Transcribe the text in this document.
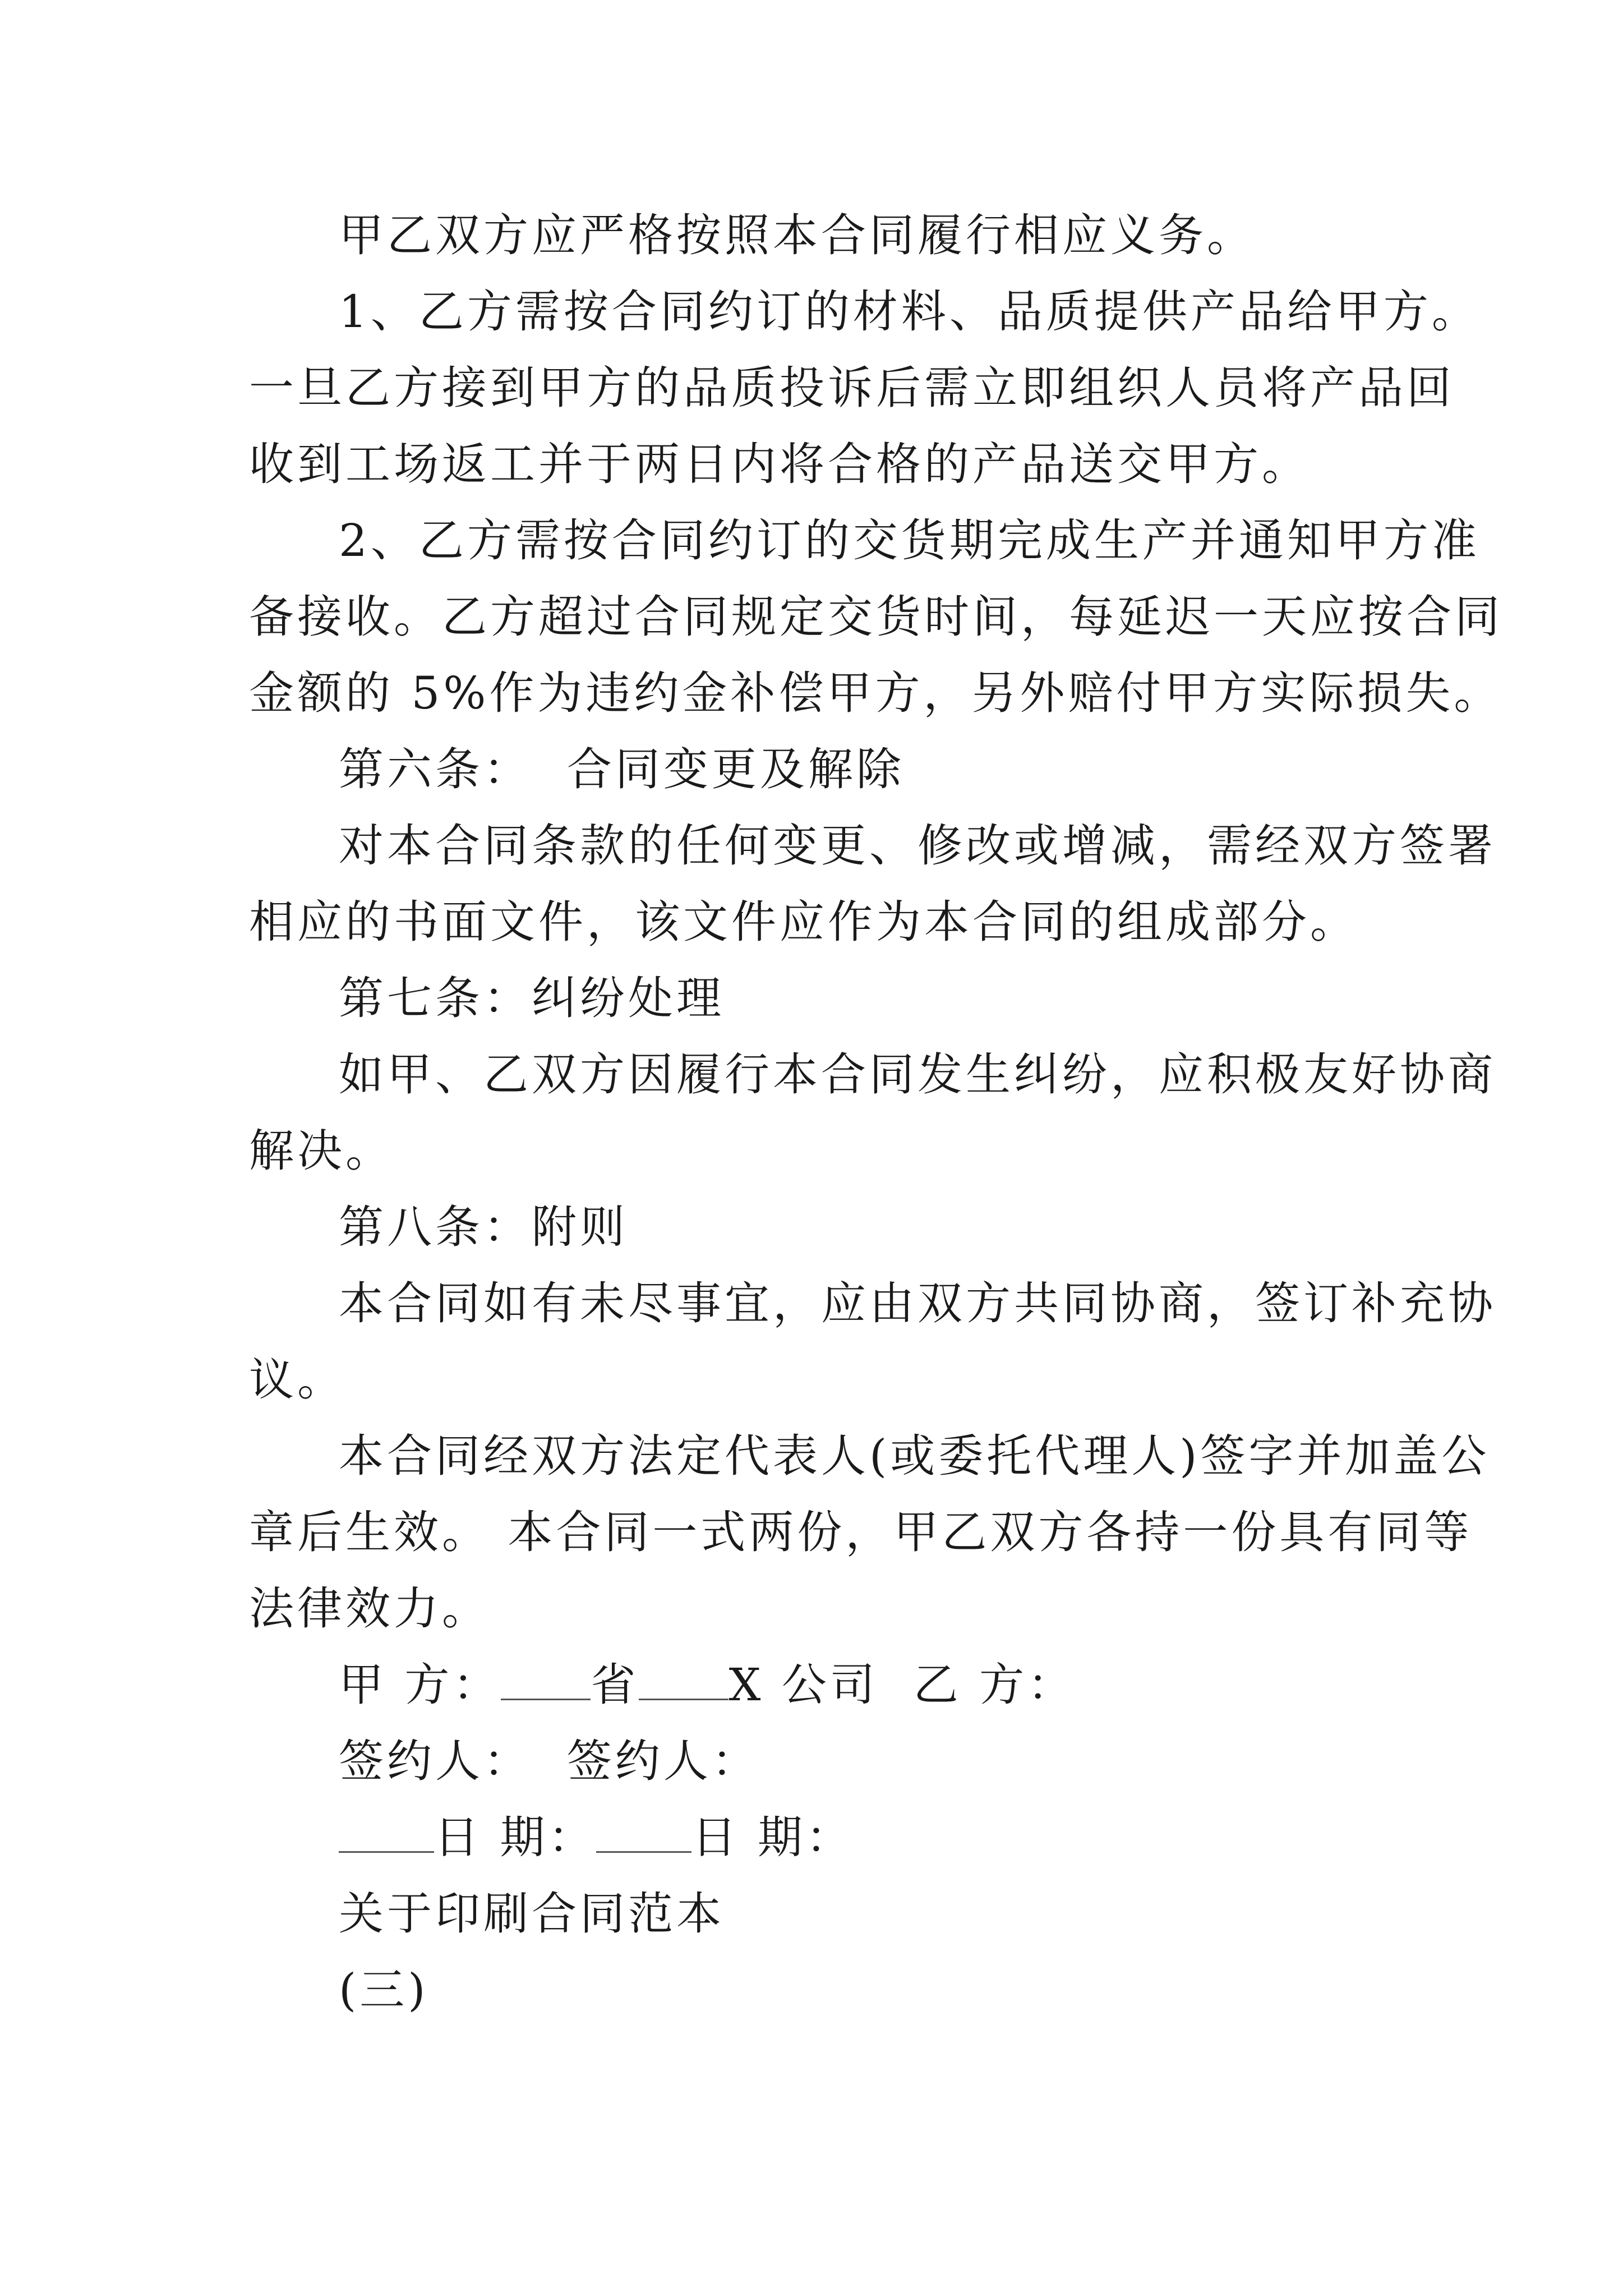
甲乙双方应严格按照本合同履行相应义务。
1、乙方需按合同约订的材料、品质提供产品给甲方。
一旦乙方接到甲方的品质投诉后需立即组织人员将产品回
收到工场返工并于两日内将合格的产品送交甲方。
2、乙方需按合同约订的交货期完成生产并通知甲方准
备接收。乙方超过合同规定交货时间，每延迟一天应按合同
金额的 5%作为违约金补偿甲方，另外赔付甲方实际损失。
第六条：  合同变更及解除
对本合同条款的任何变更、修改或增减，需经双方签署
相应的书面文件，该文件应作为本合同的组成部分。
第七条：纠纷处理
如甲、乙双方因履行本合同发生纠纷，应积极友好协商
解决。
第八条：附则
本合同如有未尽事宜，应由双方共同协商，签订补充协
议。
本合同经双方法定代表人(或委托代理人)签字并加盖公
章后生效。 本合同一式两份，甲乙双方各持一份具有同等
法律效力。
甲 方： 省 X 公司  乙 方：
签约人：  签约人：
日 期： 日 期：
关于印刷合同范本
(三)
